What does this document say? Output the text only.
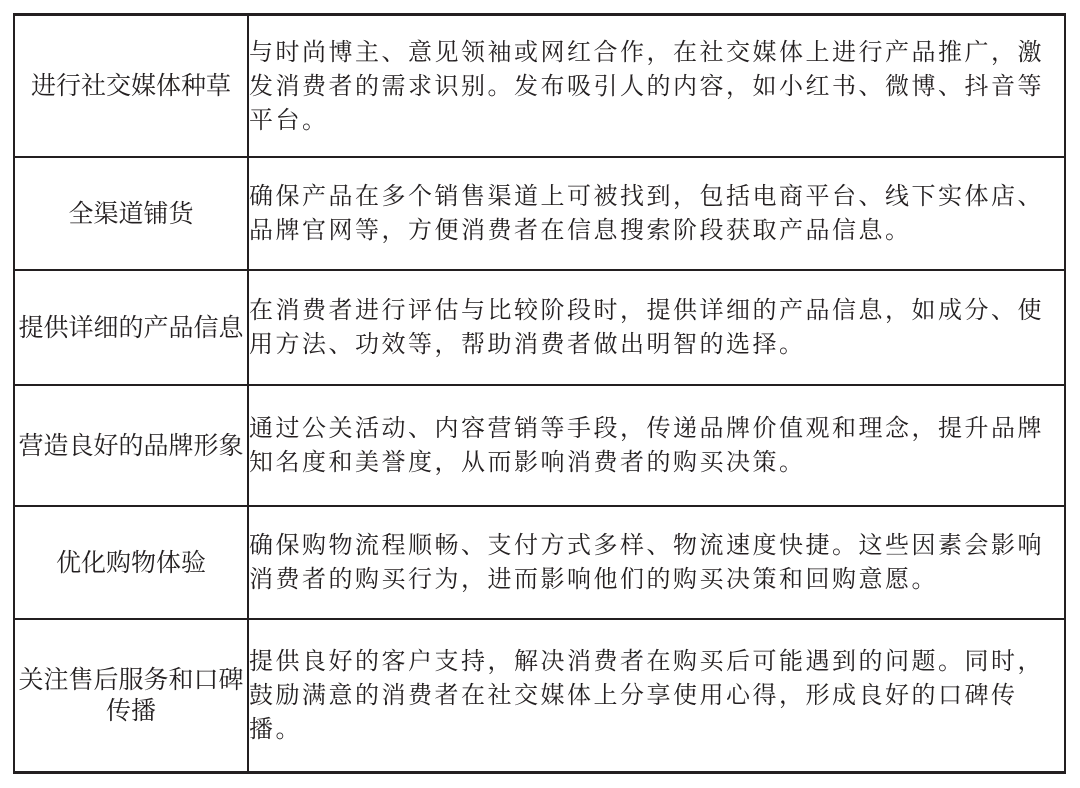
进行社交媒体种草	与时尚博主、意见领袖或网红合作，在社交媒体上进行产品推广，激发消费者的需求识别。发布吸引人的内容，如小红书、微博、抖音等平台。
全渠道铺货	确保产品在多个销售渠道上可被找到，包括电商平台、线下实体店、品牌官网等，方便消费者在信息搜索阶段获取产品信息。
提供详细的产品信息	在消费者进行评估与比较阶段时，提供详细的产品信息，如成分、使用方法、功效等，帮助消费者做出明智的选择。
营造良好的品牌形象	通过公关活动、内容营销等手段，传递品牌价值观和理念，提升品牌知名度和美誉度，从而影响消费者的购买决策。
优化购物体验	确保购物流程顺畅、支付方式多样、物流速度快捷。这些因素会影响消费者的购买行为，进而影响他们的购买决策和回购意愿。
关注售后服务和口碑传播	提供良好的客户支持，解决消费者在购买后可能遇到的问题。同时，鼓励满意的消费者在社交媒体上分享使用心得，形成良好的口碑传播。
